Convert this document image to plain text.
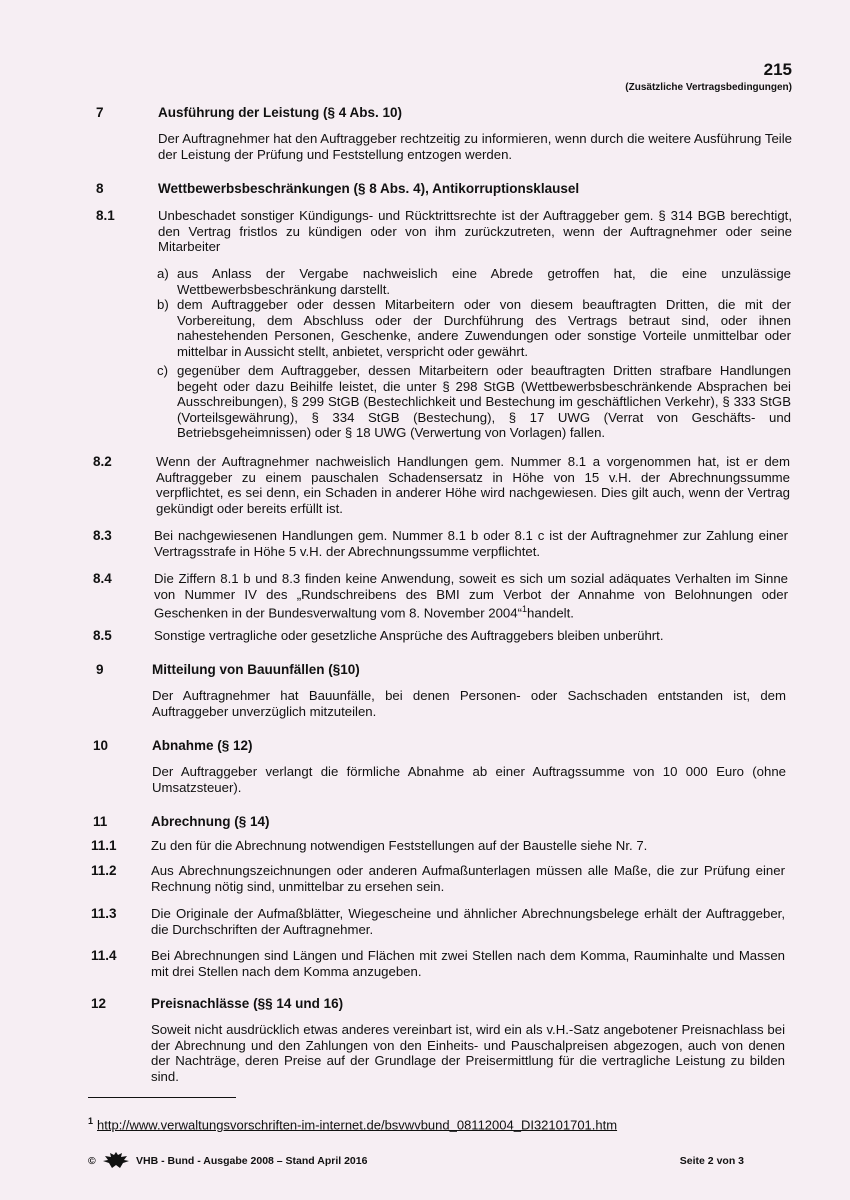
215
(Zusätzliche Vertragsbedingungen)
7	Ausführung der Leistung (§ 4 Abs. 10)
Der Auftragnehmer hat den Auftraggeber rechtzeitig zu informieren, wenn durch die weitere Ausführung Teile der Leistung der Prüfung und Feststellung entzogen werden.
8	Wettbewerbsbeschränkungen (§ 8 Abs. 4), Antikorruptionsklausel
8.1	Unbeschadet sonstiger Kündigungs- und Rücktrittsrechte ist der Auftraggeber gem. § 314 BGB berechtigt, den Vertrag fristlos zu kündigen oder von ihm zurückzutreten, wenn der Auftragnehmer oder seine Mitarbeiter
a) aus Anlass der Vergabe nachweislich eine Abrede getroffen hat, die eine unzulässige Wettbewerbsbeschränkung darstellt.
b) dem Auftraggeber oder dessen Mitarbeitern oder von diesem beauftragten Dritten, die mit der Vorbereitung, dem Abschluss oder der Durchführung des Vertrags betraut sind, oder ihnen nahestehenden Personen, Geschenke, andere Zuwendungen oder sonstige Vorteile unmittelbar oder mittelbar in Aussicht stellt, anbietet, verspricht oder gewährt.
c) gegenüber dem Auftraggeber, dessen Mitarbeitern oder beauftragten Dritten strafbare Handlungen begeht oder dazu Beihilfe leistet, die unter § 298 StGB (Wettbewerbsbeschränkende Absprachen bei Ausschreibungen), § 299 StGB (Bestechlichkeit und Bestechung im geschäftlichen Verkehr), § 333 StGB (Vorteilsgewährung), § 334 StGB (Bestechung), § 17 UWG (Verrat von Geschäfts- und Betriebsgeheimnissen) oder § 18 UWG (Verwertung von Vorlagen) fallen.
8.2	Wenn der Auftragnehmer nachweislich Handlungen gem. Nummer 8.1 a vorgenommen hat, ist er dem Auftraggeber zu einem pauschalen Schadensersatz in Höhe von 15 v.H. der Abrechnungssumme verpflichtet, es sei denn, ein Schaden in anderer Höhe wird nachgewiesen. Dies gilt auch, wenn der Vertrag gekündigt oder bereits erfüllt ist.
8.3	Bei nachgewiesenen Handlungen gem. Nummer 8.1 b oder 8.1 c ist der Auftragnehmer zur Zahlung einer Vertragsstrafe in Höhe 5 v.H. der Abrechnungssumme verpflichtet.
8.4	Die Ziffern 8.1 b und 8.3 finden keine Anwendung, soweit es sich um sozial adäquates Verhalten im Sinne von Nummer IV des „Rundschreibens des BMI zum Verbot der Annahme von Belohnungen oder Geschenken in der Bundesverwaltung vom 8. November 2004“$^1$handelt.
8.5	Sonstige vertragliche oder gesetzliche Ansprüche des Auftraggebers bleiben unberührt.
9	Mitteilung von Bauunfällen (§10)
Der Auftragnehmer hat Bauunfälle, bei denen Personen- oder Sachschaden entstanden ist, dem Auftraggeber unverzüglich mitzuteilen.
10	Abnahme (§ 12)
Der Auftraggeber verlangt die förmliche Abnahme ab einer Auftragssumme von 10 000 Euro (ohne Umsatzsteuer).
11	Abrechnung (§ 14)
11.1	Zu den für die Abrechnung notwendigen Feststellungen auf der Baustelle siehe Nr. 7.
11.2	Aus Abrechnungszeichnungen oder anderen Aufmaßunterlagen müssen alle Maße, die zur Prüfung einer Rechnung nötig sind, unmittelbar zu ersehen sein.
11.3	Die Originale der Aufmaßblätter, Wiegescheine und ähnlicher Abrechnungsbelege erhält der Auftraggeber, die Durchschriften der Auftragnehmer.
11.4	Bei Abrechnungen sind Längen und Flächen mit zwei Stellen nach dem Komma, Rauminhalte und Massen mit drei Stellen nach dem Komma anzugeben.
12	Preisnachlässe (§§ 14 und 16)
Soweit nicht ausdrücklich etwas anderes vereinbart ist, wird ein als v.H.-Satz angebotener Preisnachlass bei der Abrechnung und den Zahlungen von den Einheits- und Pauschalpreisen abgezogen, auch von denen der Nachträge, deren Preise auf der Grundlage der Preisermittlung für die vertragliche Leistung zu bilden sind.
$^1$ http://www.verwaltungsvorschriften-im-internet.de/bsvwvbund_08112004_DI32101701.htm
©	VHB - Bund - Ausgabe 2008 – Stand April 2016	Seite 2 von 3
